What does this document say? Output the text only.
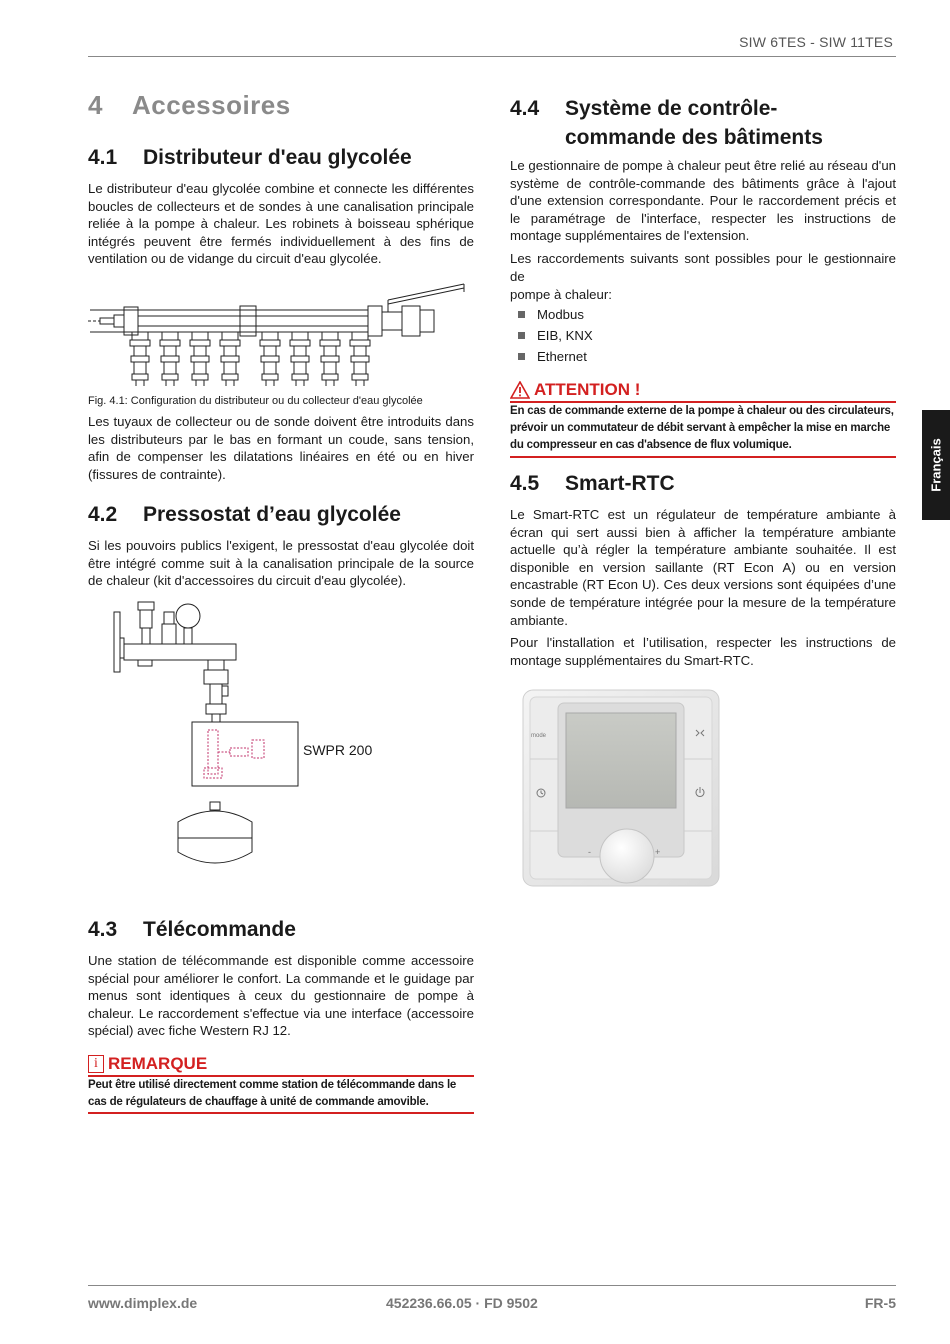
SIW 6TES - SIW 11TES
Français
4 Accessoires
4.1 Distributeur d'eau glycolée

Le distributeur d'eau glycolée combine et connecte les différentes boucles de collecteurs et de sondes à une canalisation principale reliée à la pompe à chaleur. Les robinets à boisseau sphérique intégrés peuvent être fermés individuellement à des fins de ventilation ou de vidange du circuit d'eau glycolée.

Fig. 4.1: Configuration du distributeur ou du collecteur d'eau glycolée

Les tuyaux de collecteur ou de sonde doivent être introduits dans les distributeurs par le bas en formant un coude, sans tension, afin de compenser les dilatations linéaires en été ou en hiver (fissures de contrainte).

4.2 Pressostat d’eau glycolée

Si les pouvoirs publics l'exigent, le pressostat d'eau glycolée doit être intégré comme suit à la canalisation principale de la source de chaleur (kit d'accessoires du circuit d'eau glycolée).

SWPR 200
4.3 Télécommande

Une station de télécommande est disponible comme accessoire spécial pour améliorer le confort. La commande et le guidage par menus sont identiques à ceux du gestionnaire de pompe à chaleur. Le raccordement s'effectue via une interface (accessoire spécial) avec fiche Western RJ 12.

i REMARQUE
Peut être utilisé directement comme station de télécommande dans le cas de régulateurs de chauffage à unité de commande amovible.
4.4 Système de contrôle-
commande des bâtiments

Le gestionnaire de pompe à chaleur peut être relié au réseau d'un système de contrôle-commande des bâtiments grâce à l'ajout d'une extension correspondante. Pour le raccordement précis et le paramétrage de l'interface, respecter les instructions de montage supplémentaires de l'extension.

Les raccordements suivants sont possibles pour le gestionnaire de

pompe à chaleur:

Modbus
EIB, KNX
Ethernet
ATTENTION !
En cas de commande externe de la pompe à chaleur ou des circulateurs, prévoir un commutateur de débit servant à empêcher la mise en marche du compresseur en cas d'absence de flux volumique.
4.5 Smart-RTC

Le Smart-RTC est un régulateur de température ambiante à écran qui sert aussi bien à afficher la température ambiante actuelle qu’à régler la température ambiante souhaitée. Il est disponible en version saillante (RT Econ A) ou en version encastrable (RT Econ U). Ces deux versions sont équipées d’une sonde de température intégrée pour la mesure de la température ambiante.

Pour l'installation et l’utilisation, respecter les instructions de montage supplémentaires du Smart-RTC.

mode
-	+
www.dimplex.de	452236.66.05 · FD 9502	FR-5
